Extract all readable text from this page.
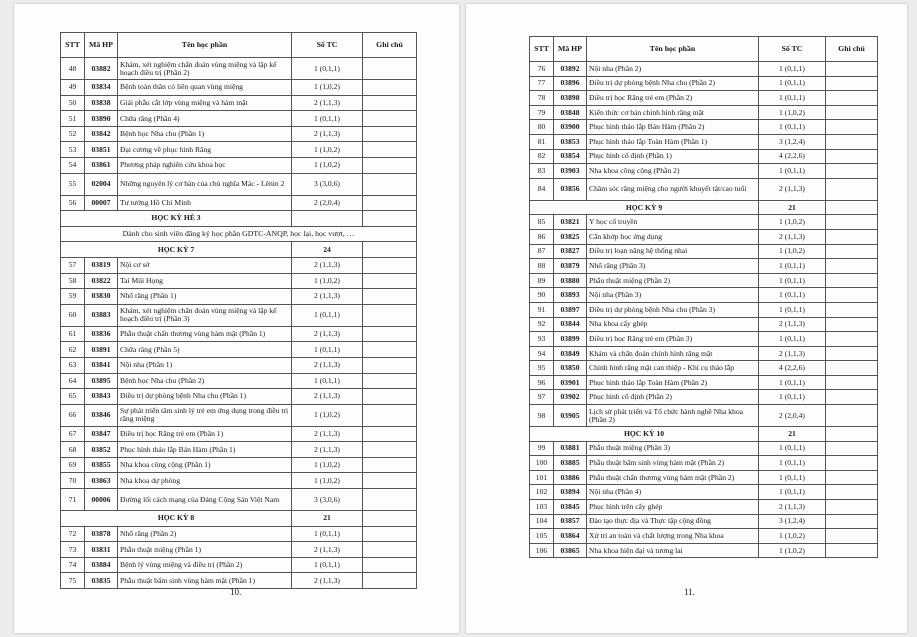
STT	Mã HP	Tên học phần	Số TC	Ghi chú
48	03882	Khám, xét nghiệm chẩn đoán vùng miệng và lập kế hoạch điều trị (Phần 2)	1 (0,1,1)	
49	03834	Bệnh toàn thân có liên quan vùng miệng	1 (1,0,2)	
50	03838	Giải phẫu cắt lớp vùng miệng và hàm mặt	2 (1,1,3)	
51	03890	Chữa răng (Phần 4)	1 (0,1,1)	
52	03842	Bệnh học Nha chu (Phần 1)	2 (1,1,3)	
53	03851	Đại cương về phục hình Răng	1 (1,0,2)	
54	03861	Phương pháp nghiên cứu khoa học	1 (1,0,2)	
55	02004	Những nguyên lý cơ bản của chủ nghĩa Mác - Lênin 2	3 (3,0,6)	
56	00007	Tư tưởng Hồ Chí Minh	2 (2,0,4)	
HỌC KỲ HÈ 3				
Dành cho sinh viên đăng ký học phần GDTC-ANQP, học lại, học vượt, …				
HỌC KỲ 7			24	
57	03819	Nội cơ sở	2 (1,1,3)	
58	03822	Tai Mũi Họng	1 (1,0,2)	
59	03830	Nhổ răng (Phần 1)	2 (1,1,3)	
60	03883	Khám, xét nghiệm chẩn đoán vùng miệng và lập kế hoạch điều trị (Phần 3)	1 (0,1,1)	
61	03836	Phẫu thuật chấn thương vùng hàm mặt (Phần 1)	2 (1,1,3)	
62	03891	Chữa răng (Phần 5)	1 (0,1,1)	
63	03841	Nội nha (Phần 1)	2 (1,1,3)	
64	03895	Bệnh học Nha chu (Phần 2)	1 (0,1,1)	
65	03843	Điều trị dự phòng bệnh Nha chu (Phần 1)	2 (1,1,3)	
66	03846	Sự phát triển tâm sinh lý trẻ em ứng dụng trong điều trị răng miệng	1 (1,0,2)	
67	03847	Điều trị học Răng trẻ em (Phần 1)	2 (1,1,3)	
68	03852	Phục hình tháo lắp Bán Hàm (Phần 1)	2 (1,1,3)	
69	03855	Nha khoa công cộng (Phần 1)	1 (1,0,2)	
70	03863	Nha khoa dự phòng	1 (1,0,2)	
71	00006	Đường lối cách mạng của Đảng Cộng Sản Việt Nam	3 (3,0,6)	
HỌC KỲ 8			21	
72	03878	Nhổ răng (Phần 2)	1 (0,1,1)	
73	03831	Phẫu thuật miệng (Phần 1)	2 (1,1,3)	
74	03884	Bệnh lý vùng miệng và điều trị (Phần 2)	1 (0,1,1)	
75	03835	Phẫu thuật bẩm sinh vùng hàm mặt (Phần 1)	2 (1,1,3)	
10.
STT	Mã HP	Tên học phần	Số TC	Ghi chú
76	03892	Nội nha (Phần 2)	1 (0,1,1)	
77	03896	Điều trị dự phòng bệnh Nha chu (Phần 2)	1 (0,1,1)	
78	03898	Điều trị học Răng trẻ em (Phần 2)	1 (0,1,1)	
79	03848	Kiến thức cơ bản chỉnh hình răng mặt	1 (1,0,2)	
80	03900	Phục hình tháo lắp Bán Hàm (Phần 2)	1 (0,1,1)	
81	03853	Phục hình tháo lắp Toàn Hàm (Phần 1)	3 (1,2,4)	
82	03854	Phục hình cố định (Phần 1)	4 (2,2,6)	
83	03903	Nha khoa công cộng (Phần 2)	1 (0,1,1)	
84	03856	Chăm sóc răng miệng cho người khuyết tật/cao tuổi	2 (1,1,3)	
HỌC KỲ 9			21	
85	03821	Y học cổ truyền	1 (1,0,2)	
86	03825	Cắn khớp học ứng dụng	2 (1,1,3)	
87	03827	Điều trị loạn năng hệ thống nhai	1 (1,0,2)	
88	03879	Nhổ răng (Phần 3)	1 (0,1,1)	
89	03880	Phẫu thuật miệng (Phần 2)	1 (0,1,1)	
90	03893	Nội nha (Phần 3)	1 (0,1,1)	
91	03897	Điều trị dự phòng bệnh Nha chu (Phần 3)	1 (0,1,1)	
92	03844	Nha khoa cấy ghép	2 (1,1,3)	
93	03899	Điều trị học Răng trẻ em (Phần 3)	1 (0,1,1)	
94	03849	Khám và chẩn đoán chỉnh hình răng mặt	2 (1,1,3)	
95	03850	Chỉnh hình răng mặt can thiệp - Khí cụ tháo lắp	4 (2,2,6)	
96	03901	Phục hình tháo lắp Toàn Hàm (Phần 2)	1 (0,1,1)	
97	03902	Phục hình cố định (Phần 2)	1 (0,1,1)	
98	03905	Lịch sử phát triển và Tổ chức hành nghề Nha khoa (Phần 2)	2 (2,0,4)	
HỌC KỲ 10			21	
99	03881	Phẫu thuật miệng (Phần 3)	1 (0,1,1)	
100	03885	Phẫu thuật bẩm sinh vùng hàm mặt (Phần 2)	1 (0,1,1)	
101	03886	Phẫu thuật chấn thương vùng hàm mặt (Phần 2)	1 (0,1,1)	
102	03894	Nội nha (Phần 4)	1 (0,1,1)	
103	03845	Phục hình trên cấy ghép	2 (1,1,3)	
104	03857	Đào tạo thực địa và Thực tập cộng đồng	3 (1,2,4)	
105	03864	Xử trí an toàn và chất lượng trong Nha khoa	1 (1,0,2)	
106	03865	Nha khoa hiện đại và tương lai	1 (1,0,2)	
11.
